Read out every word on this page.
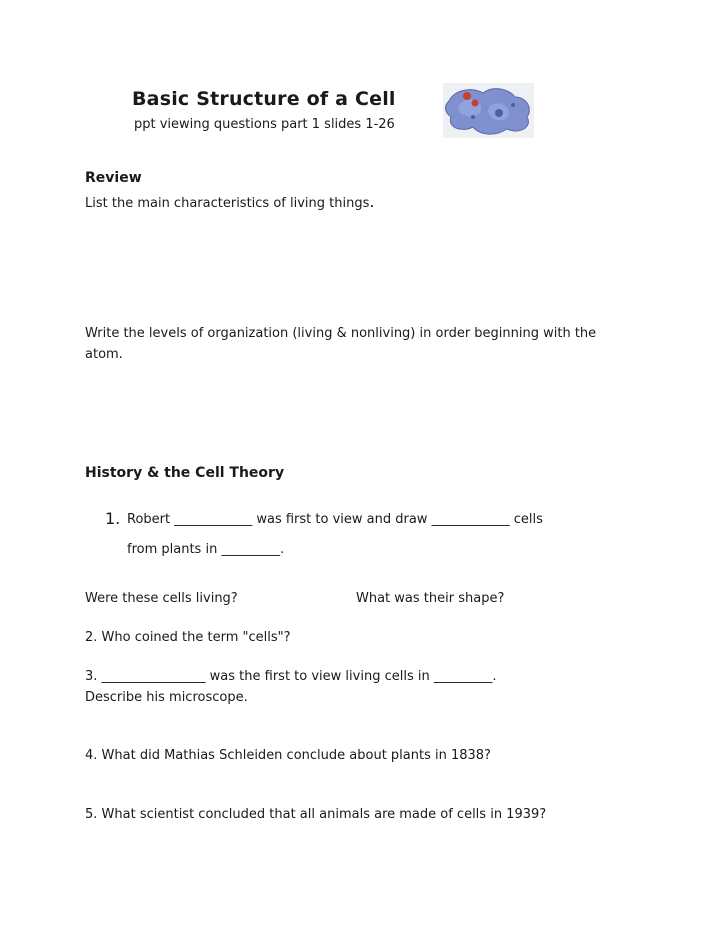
Basic Structure of a Cell
ppt viewing questions part 1 slides 1-26
Review
List the main characteristics of living things.
Write the levels of organization (living & nonliving) in order beginning with the
atom.
History & the Cell Theory
1. Robert ____________ was first to view and draw ____________ cells
from plants in _________.
Were these cells living?	What was their shape?
2. Who coined the term "cells"?
3. ________________ was the first to view living cells in _________.
Describe his microscope.
4. What did Mathias Schleiden conclude about plants in 1838?
5. What scientist concluded that all animals are made of cells in 1939?
